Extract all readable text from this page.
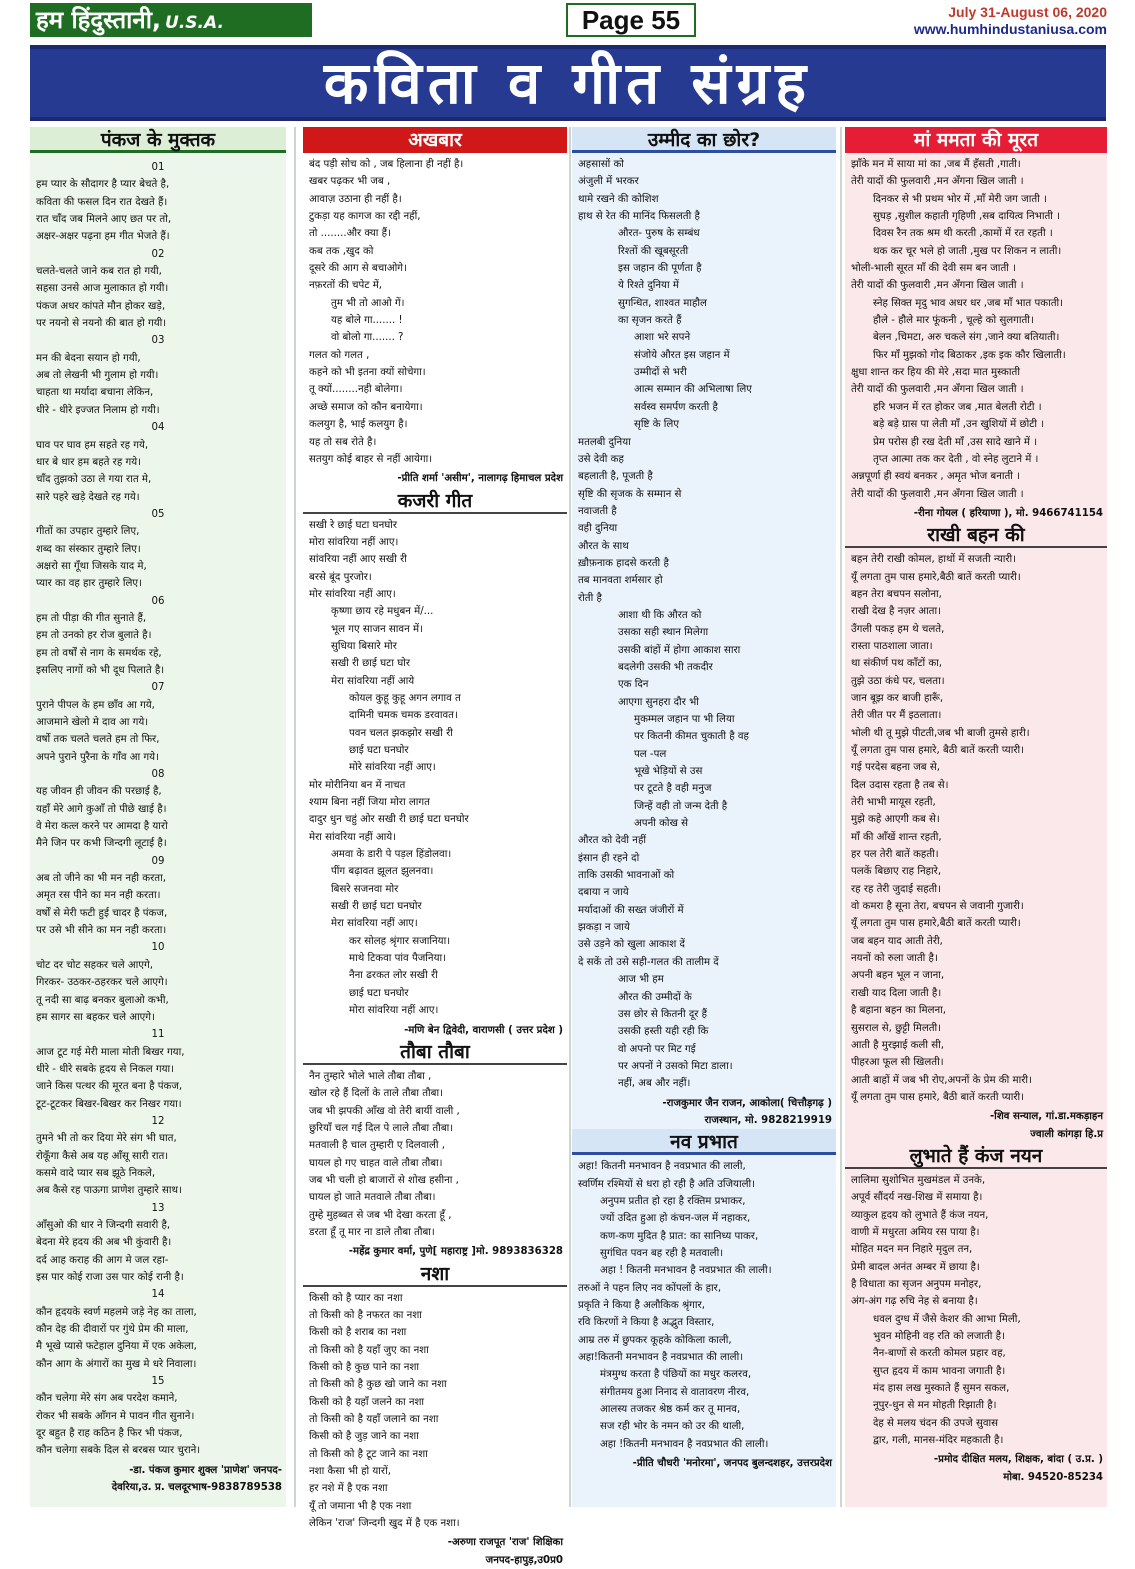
हम हिंदुस्तानी, U.S.A.	Page 55	July 31-August 06, 2020
www.humhindustaniusa.com
कविता व गीत संग्रह
पंकज के मुक्तक
01
हम प्यार के सौदागर है प्यार बेचते है,
कविता की फसल दिन रात देखते हैं।
रात चाँद जब मिलने आए छत पर तो,
अक्षर-अक्षर पढ़ना हम गीत भेजते हैं।
02
चलते-चलते जाने कब रात हो गयी,
सहसा उनसे आज मुलाकात हो गयी।
पंकज अधर कांपते मौन होकर खड़े,
पर नयनो से नयनो की बात हो गयी।
03
मन की बेदना सयान हो गयी,
अब तो लेखनी भी गुलाम हो गयी।
चाहता था मर्यादा बचाना लेकिन,
धीरे - धीरे इज्जत निलाम हो गयी।
04
घाव पर घाव हम सहते रह गये,
धार बे धार हम बहते रह गये।
चाँद तुझको उठा ले गया रात मे,
सारे पहरे खड़े देखते रह गये।
05
गीतों का उपहार तुम्हारे लिए,
शब्द का संस्कार तुम्हारे लिए।
अक्षरो सा गूँथा जिसके याद मे,
प्यार का वह हार तुम्हारे लिए।
06
हम तो पीड़ा की गीत सुनाते हैं,
हम तो उनको हर रोज बुलाते है।
हम तो वर्षों से नाग के समर्थक रहे,
इसलिए नागों को भी दूध पिलाते है।
07
पुराने पीपल के हम छाँव आ गये,
आजमाने खेलो मे दाव आ गये।
वर्षो तक चलते चलते हम तो फिर,
अपने पुराने पुरैना के गाँव आ गये।
08
यह जीवन ही जीवन की परछाई है,
यहाँ मेरे आगे कुआँ तो पीछे खाई है।
वे मेरा कत्ल करने पर आमदा है यारो
मैने जिन पर कभी जिन्दगी लूटाई है।
09
अब तो जीने का भी मन नही करता,
अमृत रस पीने का मन नही करता।
वर्षों से मेरी फटी हुई चादर है पंकज,
पर उसे भी सीने का मन नही करता।
10
चोट दर चोट सहकर चले आएगे,
गिरकर- उठकर-ठहरकर चले आएगे।
तू नदी सा बाढ़ बनकर बुलाओ कभी,
हम सागर सा बहकर चले आएगे।
11
आज टूट गई मेरी माला मोती बिखर गया,
धीरे - धीरे सबके हृदय से निकल गया।
जाने किस पत्थर की मूरत बना है पंकज,
टूट-टूटकर बिखर-बिखर कर निखर गया।
12
तुमने भी तो कर दिया मेरे संग भी घात,
रोकूँगा कैसे अब यह आँसू सारी रात।
कसमे वादे प्यार सब झूठे निकले,
अब कैसे रह पाऊगा प्राणेश तुम्हारे साथ।
13
आँसुओ की धार ने जिन्दगी सवारी है,
बेदना मेरे हदय की अब भी कुंवारी है।
दर्द आह कराह की आग मे जल रहा-
इस पार कोई राजा उस पार कोई रानी है।
14
कौन हृदयके स्वर्ण महलमे जड़े नेह का ताला,
कौन देह की दीवारों पर गुंथे प्रेम की माला,
मै भूखे प्यासे फटेहाल दुनिया में एक अकेला,
कौन आग के अंगारों का मुख मे धरे निवाला।
15
कौन चलेगा मेरे संग अब परदेश कमाने,
रोकर भी सबके आँगन मे पावन गीत सुनाने।
दूर बहुत है राह कठिन है फिर भी पंकज,
कौन चलेगा सबके दिल से बरबस प्यार चुराने।
-डा. पंकज कुमार शुक्ल 'प्राणेश' जनपद-
देवरिया,उ. प्र. चलदूरभाष-9838789538
अखबार
बंद पड़ी सोच को , जब हिलाना ही नहीं है।
खबर पढ़कर भी जब ,
आवाज़ उठाना ही नहीं है।
टुकड़ा यह कागज का रद्दी नहीं,
तो ........और क्या हैं।
कब तक ,खुद को
दूसरे की आग से बचाओगे।
नफ़रतों की चपेट में,
तुम भी तो आओ गें।
यह बोले गा....... !
वो बोलो गा....... ?
गलत को गलत ,
कहने को भी इतना क्यों सोचेगा।
तू क्यों........नही बोलेगा।
अच्छे समाज को कौन बनायेगा।
कलयुग है, भाई कलयुग है।
यह तो सब रोते है।
सतयुग कोई बाहर से नहीं आयेगा।
-प्रीति शर्मा 'असीम', नालागढ़ हिमाचल प्रदेश
कजरी गीत
सखी रे छाई घटा घनघोर
मोरा सांवरिया नहीं आए।
सांवरिया नहीं आए सखी री
बरसे बूंद पुरजोर।
मोर सांवरिया नहीं आए।
कृष्णा छाय रहे मधुबन में/...
भूल गए साजन सावन में।
सुधिया बिसारे मोर
सखी री छाई घटा घोर
मेरा सांवरिया नहीं आये
कोयल कुहू कुहू अगन लगाव त
दामिनी चमक चमक डरवावत।
पवन चलत झकझोर सखी री
छाई घटा घनघोर
मोरे सांवरिया नहीं आए।
मोर मोरीनिया बन में नाचत
श्याम बिना नहीं जिया मोरा लागत
दादुर धुन चहुं ओर सखी री छाई घटा घनघोर
मेरा सांवरिया नहीं आये।
अमवा के डारी पे पड़ल हिंडोलवा।
पींग बढ़ावत झूलत झुलनवा।
बिसरे सजनवा मोर
सखी री छाई घटा घनघोर
मेरा सांवरिया नहीं आए।
कर सोलह श्रृंगार सजानिया।
माथे टिकवा पांव पैजनिया।
नैना ढरकत लोर सखी री
छाई घटा घनघोर
मोरा सांवरिया नहीं आए।
-मणि बेन द्विवेदी, वाराणसी ( उत्तर प्रदेश )
तौबा तौबा
नैन तुम्हारे भोले भाले तौबा तौबा ,
खोल रहे हैं दिलों के ताले तौबा तौबा।
जब भी झपकी आँख वो तेरी बायीं वाली ,
छुरियाँ चल गई दिल पे लाले तौबा तौबा।
मतवाली है चाल तुम्हारी ए दिलवाली ,
घायल हो गए चाहत वाले तौबा तौबा।
जब भी चली हो बाजारों से शोख हसीना ,
घायल हो जाते मतवाले तौबा तौबा।
तुम्हे मुहब्बत से जब भी देखा करता हूँ ,
डरता हूँ तू मार ना डाले तौबा तौबा।
-महेंद्र कुमार वर्मा, पुणे[ महाराष्ट्र ]मो. 9893836328
नशा
किसी को है प्यार का नशा
तो किसी को है नफरत का नशा
किसी को है शराब का नशा
तो किसी को है यहाँ जुए का नशा
किसी को है कुछ पाने का नशा
तो किसी को है कुछ खो जाने का नशा
किसी को है यहाँ जलने का नशा
तो किसी को है यहाँ जलाने का नशा
किसी को है जुड़ जाने का नशा
तो किसी को है टूट जाने का नशा
नशा कैसा भी हो यारों,
हर नशे में है एक नशा
यूँ तो जमाना भी है एक नशा
लेकिन 'राज' जिन्दगी खुद में है एक नशा।
-अरुणा राजपूत 'राज' शिक्षिका
जनपद-हापुड़,उ0प्र0
उम्मीद का छोर?
अहसासों को
अंजुली में भरकर
थामे रखने की कोशिश
हाथ से रेत की मानिंद फिसलती है
औरत- पुरुष के सम्बंध
रिश्तों की खूबसूरती
इस जहान की पूर्णता है
ये रिश्ते दुनिया में
सुगन्धित, शाश्वत माहौल
का सृजन करते हैं
आशा भरे सपने
संजोये औरत इस जहान में
उम्मीदों से भरी
आत्म सम्मान की अभिलाषा लिए
सर्वस्व समर्पण करती है
सृष्टि के लिए
मतलबी दुनिया
उसे देवी कह
बहलाती है, पूजती है
सृष्टि की सृजक के सम्मान से
नवाजती है
वही दुनिया
औरत के साथ
ख़ौफ़नाक हादसे करती है
तब मानवता शर्मसार हो
रोती है
आशा थी कि औरत को
उसका सही स्थान मिलेगा
उसकी बांहों में होगा आकाश सारा
बदलेगी उसकी भी तकदीर
एक दिन
आएगा सुनहरा दौर भी
मुकम्मल जहान पा भी लिया
पर कितनी कीमत चुकाती है वह
पल -पल
भूखे भेड़ियों से उस
पर टूटते है वही मनुज
जिन्हें वही तो जन्म देती है
अपनी कोख से
औरत को देवी नहीं
इंसान ही रहने दो
ताकि उसकी भावनाओं को
दबाया न जाये
मर्यादाओं की सख्त जंजीरों में
झकड़ा न जाये
उसे उड़ने को खुला आकाश दें
दे सकें तो उसे सही-गलत की तालीम दें
आज भी हम
औरत की उम्मीदों के
उस छोर से कितनी दूर हैं
उसकी हस्ती यही रही कि
वो अपनो पर मिट गई
पर अपनों ने उसको मिटा डाला।
नहीं, अब और नहीं।
-राजकुमार जैन राजन, आकोला( चित्तौड़गढ़ )
राजस्थान, मो. 9828219919
नव प्रभात
अहा! कितनी मनभावन है नवप्रभात की लाली,
स्वर्णिम रश्मियों से धरा हो रही है अति उजियाली।
अनुपम प्रतीत हो रहा है रक्तिम प्रभाकर,
ज्यों उदित हुआ हो कंचन-जल में नहाकर,
कण-कण मुदित है प्रात: का सानिध्य पाकर,
सुगंधित पवन बह रही है मतवाली।
अहा ! कितनी मनभावन है नवप्रभात की लाली।
तरुओं ने पहन लिए नव कोंपलों के हार,
प्रकृति ने किया है अलौकिक श्रृंगार,
रवि किरणों ने किया है अद्भुत विस्तार,
आम्र तरु में छुपकर कूहके कोकिला काली,
अहा!कितनी मनभावन है नवप्रभात की लाली।
मंत्रमुग्ध करता है पंछियों का मधुर कलरव,
संगीतमय हुआ निनाद से वातावरण नीरव,
आलस्य तजकर श्रेष्ठ कर्म कर तू मानव,
सज रही भोर के नमन को उर की थाली,
अहा !कितनी मनभावन है नवप्रभात की लाली।
-प्रीति चौधरी 'मनोरमा', जनपद बुलन्दशहर, उत्तरप्रदेश
मां ममता की मूरत
झाँके मन में साया मां का ,जब मैं हँसती ,गाती।
तेरी यादों की फुलवारी ,मन अँगना खिल जाती ।
दिनकर से भी प्रथम भोर में ,माँ मेरी जग जाती ।
सुघड़ ,सुशील कहाती गृहिणी ,सब दायित्व निभाती ।
दिवस रैन तक श्रम थी करती ,कामों में रत रहती ।
थक कर चूर भले हो जाती ,मुख पर शिकन न लाती।
भोली-भाली सूरत माँ की देवी सम बन जाती ।
तेरी यादों की फुलवारी ,मन अँगना खिल जाती ।
स्नेह सिक्त मृदु भाव अधर धर ,जब माँ भात पकाती।
हौले - हौले मार फूंकनी , चूल्हे को सुलगाती।
बेलन ,चिमटा, अरु चकले संग ,जाने क्या बतियाती।
फिर माँ मुझको गोद बिठाकर ,इक इक कौर खिलाती।
क्षुधा शान्त कर हिय की मेरे ,सदा मात मुस्काती
तेरी यादों की फुलवारी ,मन अँगना खिल जाती ।
हरि भजन में रत होकर जब ,मात बेलती रोटी ।
बड़े बड़े ग्रास पा लेती माँ ,उन खुशियों में छोटी ।
प्रेम परोस ही रख देती माँ ,उस सादे खाने में ।
तृप्त आत्मा तक कर देती , वो स्नेह लुटाने में ।
अन्नपूर्णा ही स्वयं बनकर , अमृत भोज बनाती ।
तेरी यादों की फुलवारी ,मन अँगना खिल जाती ।
-रीना गोयल ( हरियाणा ), मो. 9466741154
राखी बहन की
बहन तेरी राखी कोमल, हाथों में सजती न्यारी।
यूँ लगता तुम पास हमारे,बैठी बातें करती प्यारी।
बहन तेरा बचपन सलोना,
राखी देख है नज़र आता।
उँगली पकड़ हम थे चलते,
रास्ता पाठशाला जाता।
था संकीर्ण पथ काँटों का,
तुझे उठा कंधे पर, चलता।
जान बूझ कर बाजी हारूँ,
तेरी जीत पर मैं इठलाता।
भोली थी तू मुझे पीटती,जब भी बाजी तुमसे हारी।
यूँ लगता तुम पास हमारे, बैठी बातें करती प्यारी।
गई परदेस बहना जब से,
दिल उदास रहता है तब से।
तेरी भाभी मायूस रहती,
मुझे कहे आएगी कब से।
माँ की आँखें शान्त रहती,
हर पल तेरी बातें कहती।
पलकें बिछाए राह निहारे,
रह रह तेरी जुदाई सहती।
वो कमरा है सूना तेरा, बचपन से जवानी गुजारी।
यूँ लगता तुम पास हमारे,बैठी बातें करती प्यारी।
जब बहन याद आती तेरी,
नयनों को रुला जाती है।
अपनी बहन भूल न जाना,
राखी याद दिला जाती है।
है बहाना बहन का मिलना,
सुसराल से, छुट्टी मिलती।
आती है मुरझाई कली सी,
पीहरआ फूल सी खिलती।
आती बाहों में जब भी रोए,अपनों के प्रेम की मारी।
यूँ लगता तुम पास हमारे, बैठी बातें करती प्यारी।
-शिव सन्याल, गां.डा.मकड़ाहन
ज्वाली कांगड़ा हि.प्र
लुभाते हैं कंज नयन
लालिमा सुशोभित मुखमंडल में उनके,
अपूर्व सौंदर्य नख-शिख में समाया है।
व्याकुल हृदय को लुभाते हैं कंज नयन,
वाणी में मधुरता अमिय रस पाया है।
मोहित मदन मन निहारे मृदुल तन,
प्रेमी बादल अनंत अम्बर में छाया है।
है विधाता का सृजन अनुपम मनोहर,
अंग-अंग गढ़ रुचि नेह से बनाया है।
धवल दुग्ध में जैसे केशर की आभा मिली,
भुवन मोहिनी वह रति को लजाती है।
नैन-बाणों से करती कोमल प्रहार वह,
सुप्त हृदय में काम भावना जगाती है।
मंद हास लख मुस्काते हैं सुमन सकल,
नूपुर-धुन से मन मोहती रिझाती है।
देह से मलय चंदन की उपजे सुवास
द्वार, गली, मानस-मंदिर महकाती है।
-प्रमोद दीक्षित मलय, शिक्षक, बांदा ( उ.प्र. )
मोबा. 94520-85234
